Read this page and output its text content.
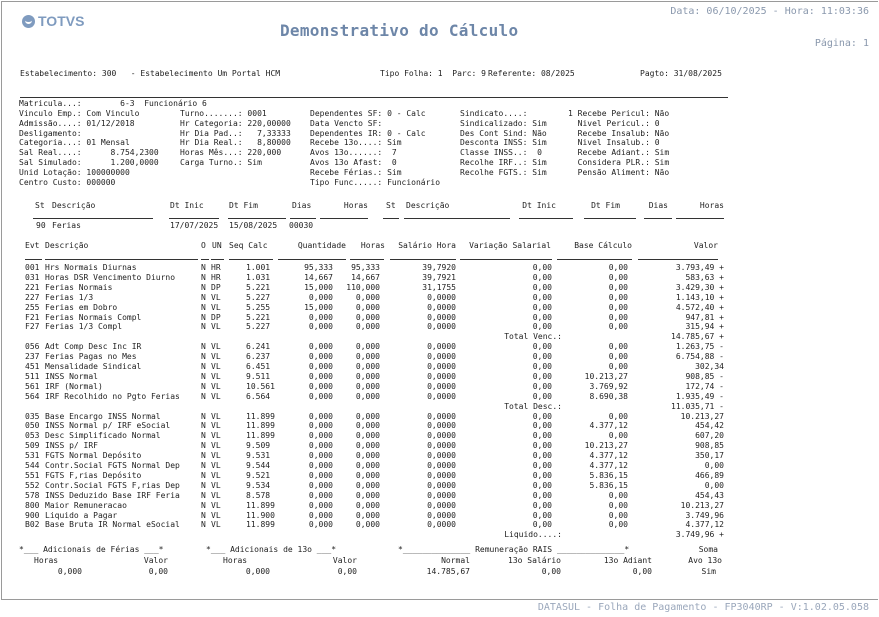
TOTVS	Demonstrativo do Cálculo
Data: 06/10/2025 - Hora: 11:03:36
Página: 1
Estabelecimento: 300   - Estabelecimento Um Portal HCM	Tipo Folha: 1  Parc: 9 Referente: 08/2025	Pagto: 31/08/2025
Matricula...:        6-3  Funcionário 6
Vinculo Emp.: Com Vinculo
Admissão....: 01/12/2018
Desligamento:
Categoria...: 01 Mensal
Sal Real....:      8.754,2300
Sal Simulado:      1.200,0000
Unid Lotação: 100000000
Centro Custo: 000000
Turno.......: 0001
Hr Categoria: 220,00000
Hr Dia Pad..:   7,33333
Hr Dia Real.:   8,80000
Horas Mês...: 220,000
Carga Turno.: Sim
Dependentes SF: 0 - Calc
Data Vencto SF:
Dependentes IR: 0 - Calc
Recebe 13o....: Sim
Avos 13o......:  7
Avos 13o Afast:  0
Recebe Férias.: Sim
Tipo Func.....: Funcionário
Sindicato....:
Sindicalizado: Sim
Des Cont Sind: Não
Desconta INSS: Sim
Classe INSS..:  0
Recolhe IRF..: Sim
Recolhe FGTS.: Sim
1 Recebe Pericul: Não
Nivel Pericul.: 0
Recebe Insalub: Não
Nivel Insalub.: 0
Recebe Adiant.: Sim
Considera PLR.: Sim
Pensão Aliment: Não
St Descrição	Dt Inic	Dt Fim	Dias	Horas St Descrição	Dt Inic	Dt Fim	Dias	Horas
90 Ferias	17/07/2025 15/08/2025 00030
Evt Descrição	O UN Seq Calc	Quantidade Horas Salário Hora Variação Salarial	Base Cálculo	Valor
001 Hrs Normais Diurnas	N HR	1.001	95,333 95,333	39,7920	0,00	0,00	3.793,49 +
031 Horas DSR Vencimento Diurno	N HR	1.031	14,667 14,667	39,7921	0,00	0,00	583,63 +
221 Ferias Normais	N DP	5.221	15,000 110,000	31,1755	0,00	0,00	3.429,30 +
227 Ferias 1/3	N VL	5.227	0,000	0,000	0,0000	0,00	0,00	1.143,10 +
255 Ferias em Dobro	N VL	5.255	15,000	0,000	0,0000	0,00	0,00	4.572,40 +
F21 Ferias Normais Compl	N DP	5.221	0,000	0,000	0,0000	0,00	0,00	947,81 +
F27 Ferias 1/3 Compl	N VL	5.227	0,000	0,000	0,0000	0,00	0,00	315,94 +
Total Venc.:	14.785,67 +
056 Adt Comp Desc Inc IR	N VL	6.241	0,000	0,000	0,0000	0,00	0,00	1.263,75 -
237 Ferias Pagas no Mes	N VL	6.237	0,000	0,000	0,0000	0,00	0,00	6.754,88 -
451 Mensalidade Sindical	N VL	6.451	0,000	0,000	0,0000	0,00	0,00	302,34
511 INSS Normal	N VL	9.511	0,000	0,000	0,0000	0,00	10.213,27	908,85 -
561 IRF (Normal)	N VL	10.561	0,000	0,000	0,0000	0,00	3.769,92	172,74 -
564 IRF Recolhido no Pgto Ferias	N VL	6.564	0,000	0,000	0,0000	0,00	8.690,38	1.935,49 -
Total Desc.:	11.035,71 -
035 Base Encargo INSS Normal	N VL	11.899	0,000	0,000	0,0000	0,00	0,00	10.213,27
050 INSS Normal p/ IRF eSocial	N VL	11.899	0,000	0,000	0,0000	0,00	4.377,12	454,42
053 Desc Simplificado Normal	N VL	11.899	0,000	0,000	0,0000	0,00	0,00	607,20
509 INSS p/ IRF	N VL	9.509	0,000	0,000	0,0000	0,00	10.213,27	908,85
531 FGTS Normal Depósito	N VL	9.531	0,000	0,000	0,0000	0,00	4.377,12	350,17
544 Contr.Social FGTS Normal Dep	N VL	9.544	0,000	0,000	0,0000	0,00	4.377,12	0,00
551 FGTS F,rias Depósito	N VL	9.521	0,000	0,000	0,0000	0,00	5.836,15	466,89
552 Contr.Social FGTS F,rias Dep	N VL	9.534	0,000	0,000	0,0000	0,00	5.836,15	0,00
578 INSS Deduzido Base IRF Feria	N VL	8.578	0,000	0,000	0,0000	0,00	0,00	454,43
800 Maior Remuneracao	N VL	11.899	0,000	0,000	0,0000	0,00	0,00	10.213,27
900 Liquido a Pagar	N VL	11.900	0,000	0,000	0,0000	0,00	0,00	3.749,96
B02 Base Bruta IR Normal eSocial	N VL	11.899	0,000	0,000	0,0000	0,00	0,00	4.377,12
Liquido....:	3.749,96 +
*___ Adicionais de Férias ___*	*___ Adicionais de 13o ___*	*______________ Remuneração RAIS ______________*	Soma
Horas	Valor	Horas	Valor	Normal	13o Salário	13o Adiant	Avo 13o
0,000	0,00	0,000	0,00	14.785,67	0,00	0,00	Sim
DATASUL - Folha de Pagamento - FP3040RP - V:1.02.05.058
